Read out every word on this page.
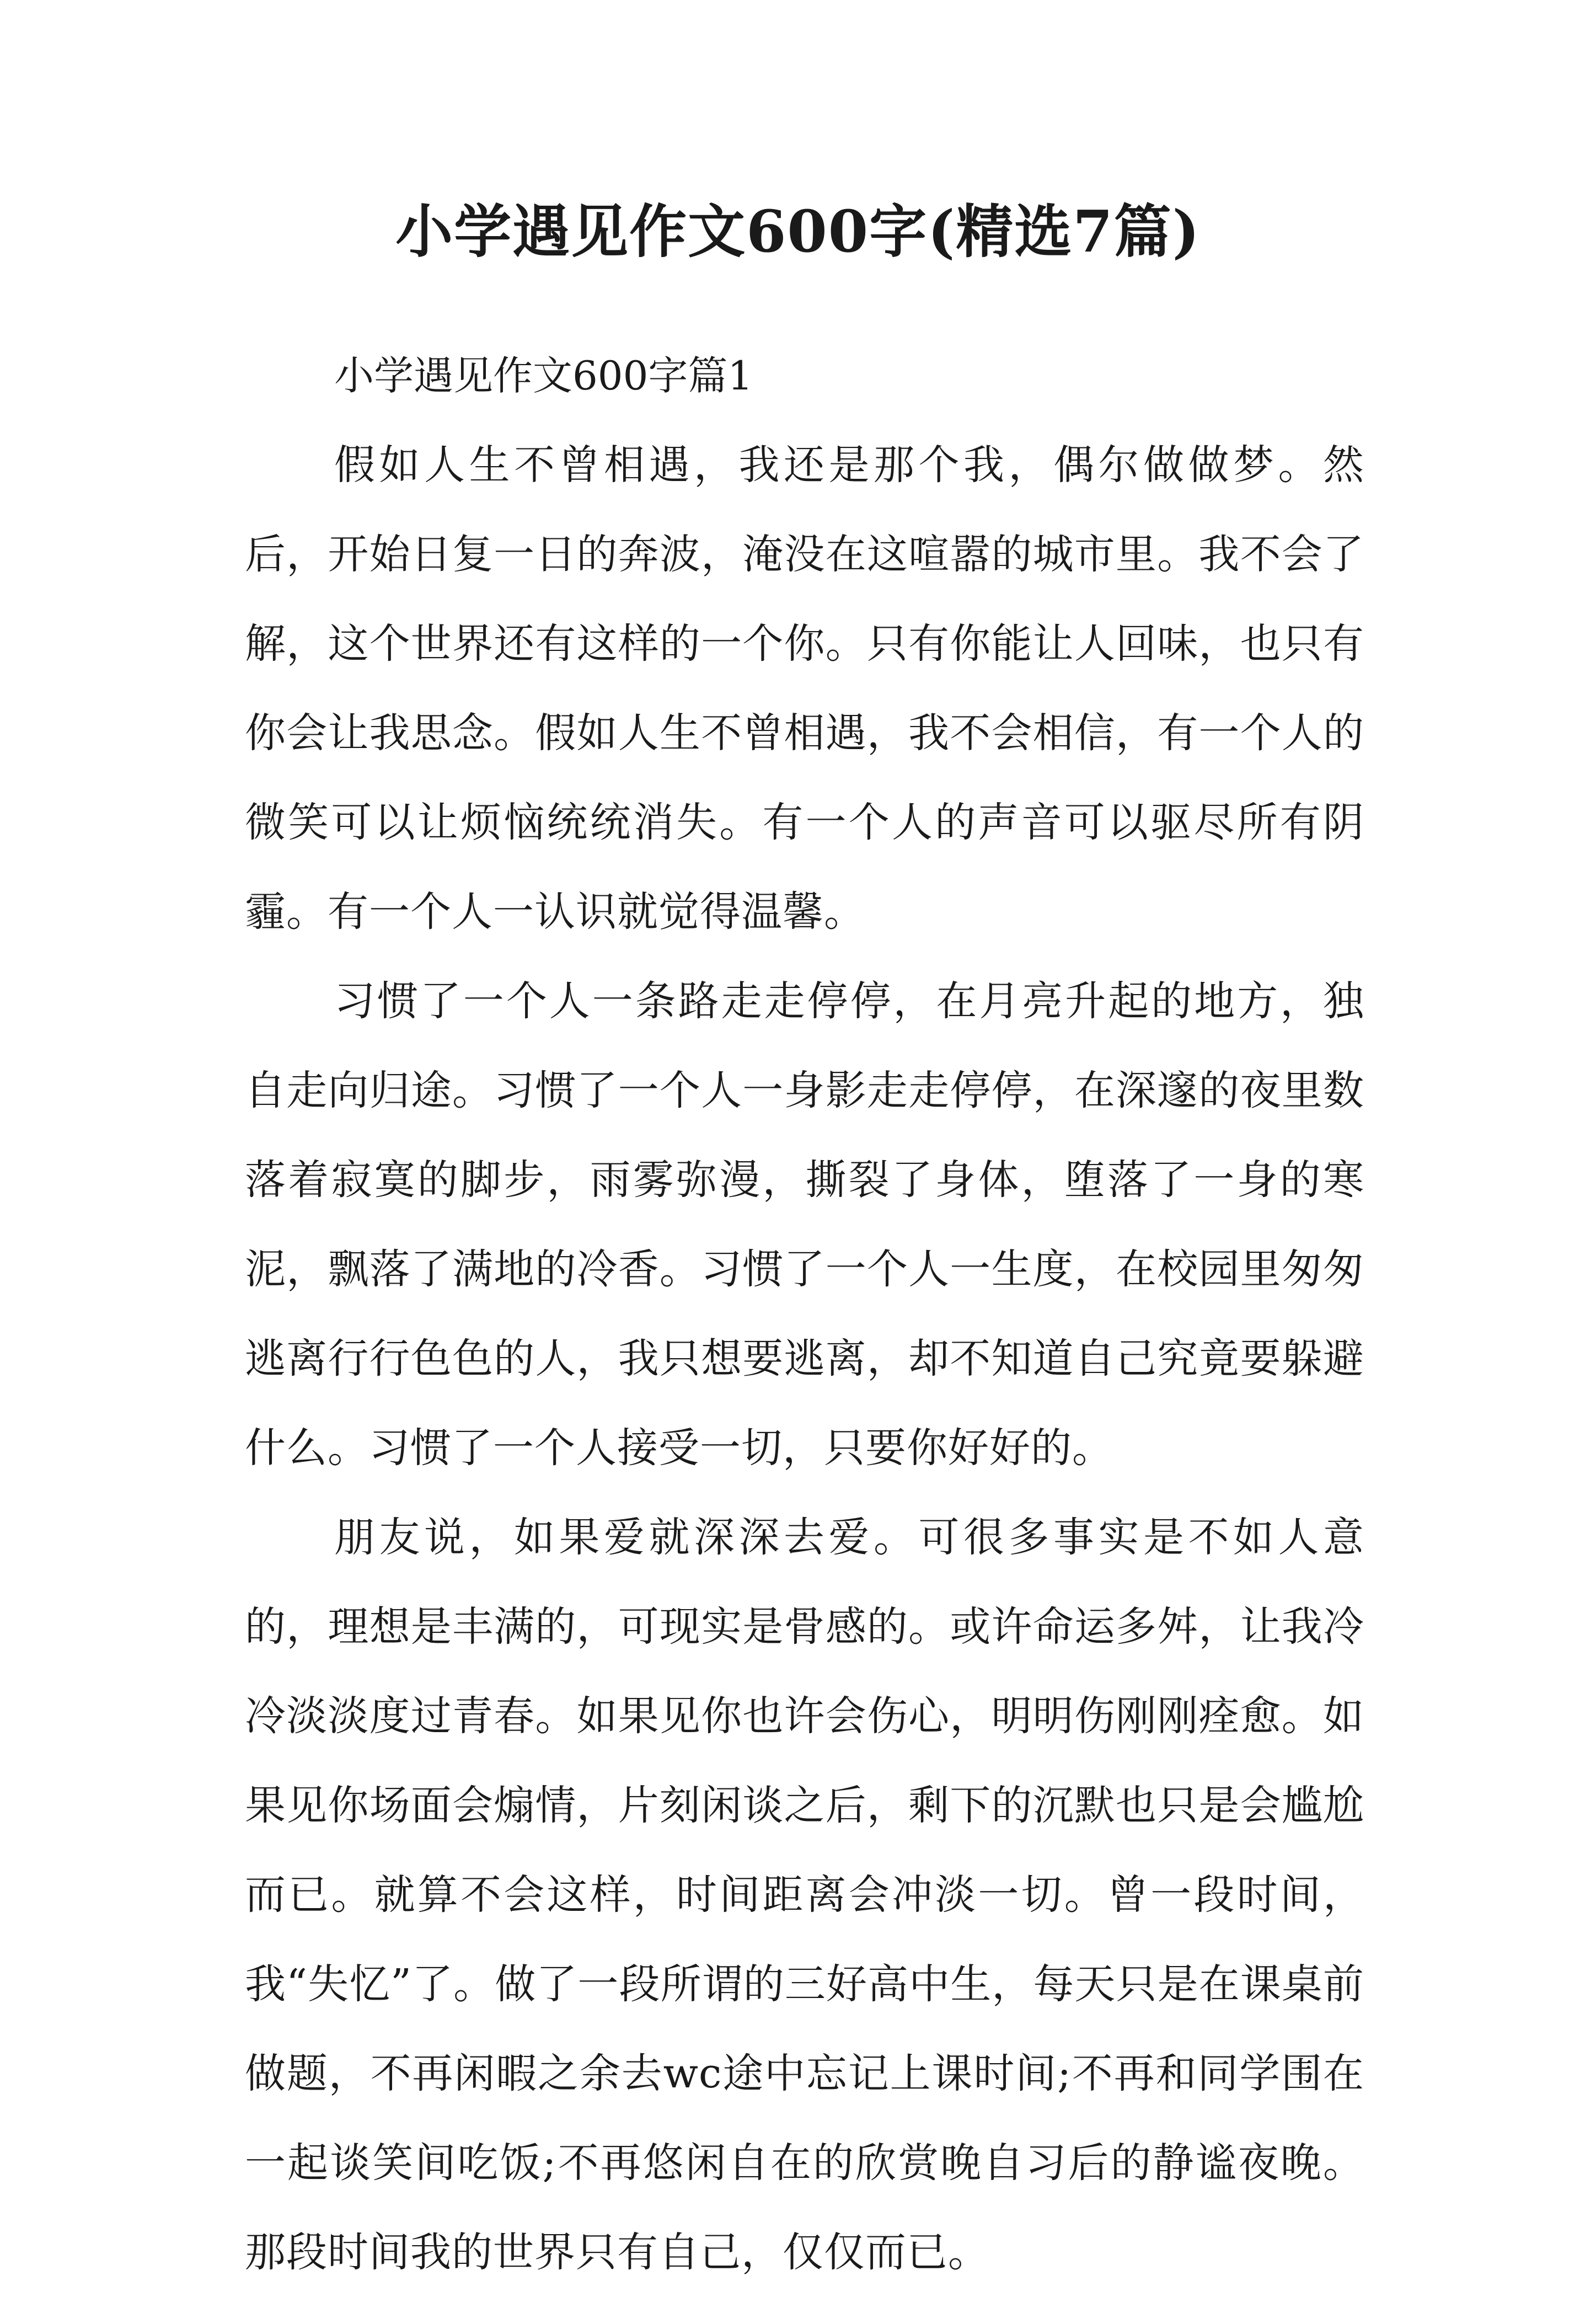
小学遇见作文600字(精选7篇)
小学遇见作文600字篇1

假如人生不曾相遇，我还是那个我，偶尔做做梦。然后，开始日复一日的奔波，淹没在这喧嚣的城市里。我不会了解，这个世界还有这样的一个你。只有你能让人回味，也只有你会让我思念。假如人生不曾相遇，我不会相信，有一个人的微笑可以让烦恼统统消失。有一个人的声音可以驱尽所有阴霾。有一个人一认识就觉得温馨。

习惯了一个人一条路走走停停，在月亮升起的地方，独自走向归途。习惯了一个人一身影走走停停，在深邃的夜里数落着寂寞的脚步，雨雾弥漫，撕裂了身体，堕落了一身的寒泥，飘落了满地的冷香。习惯了一个人一生度，在校园里匆匆逃离行行色色的人，我只想要逃离，却不知道自己究竟要躲避什么。习惯了一个人接受一切，只要你好好的。

朋友说，如果爱就深深去爱。可很多事实是不如人意的，理想是丰满的，可现实是骨感的。或许命运多舛，让我冷冷淡淡度过青春。如果见你也许会伤心，明明伤刚刚痊愈。如果见你场面会煽情，片刻闲谈之后，剩下的沉默也只是会尴尬而已。就算不会这样，时间距离会冲淡一切。曾一段时间，我“失忆”了。做了一段所谓的三好高中生，每天只是在课桌前做题，不再闲暇之余去wc途中忘记上课时间;不再和同学围在一起谈笑间吃饭;不再悠闲自在的欣赏晚自习后的静谧夜晚。那段时间我的世界只有自己，仅仅而已。
